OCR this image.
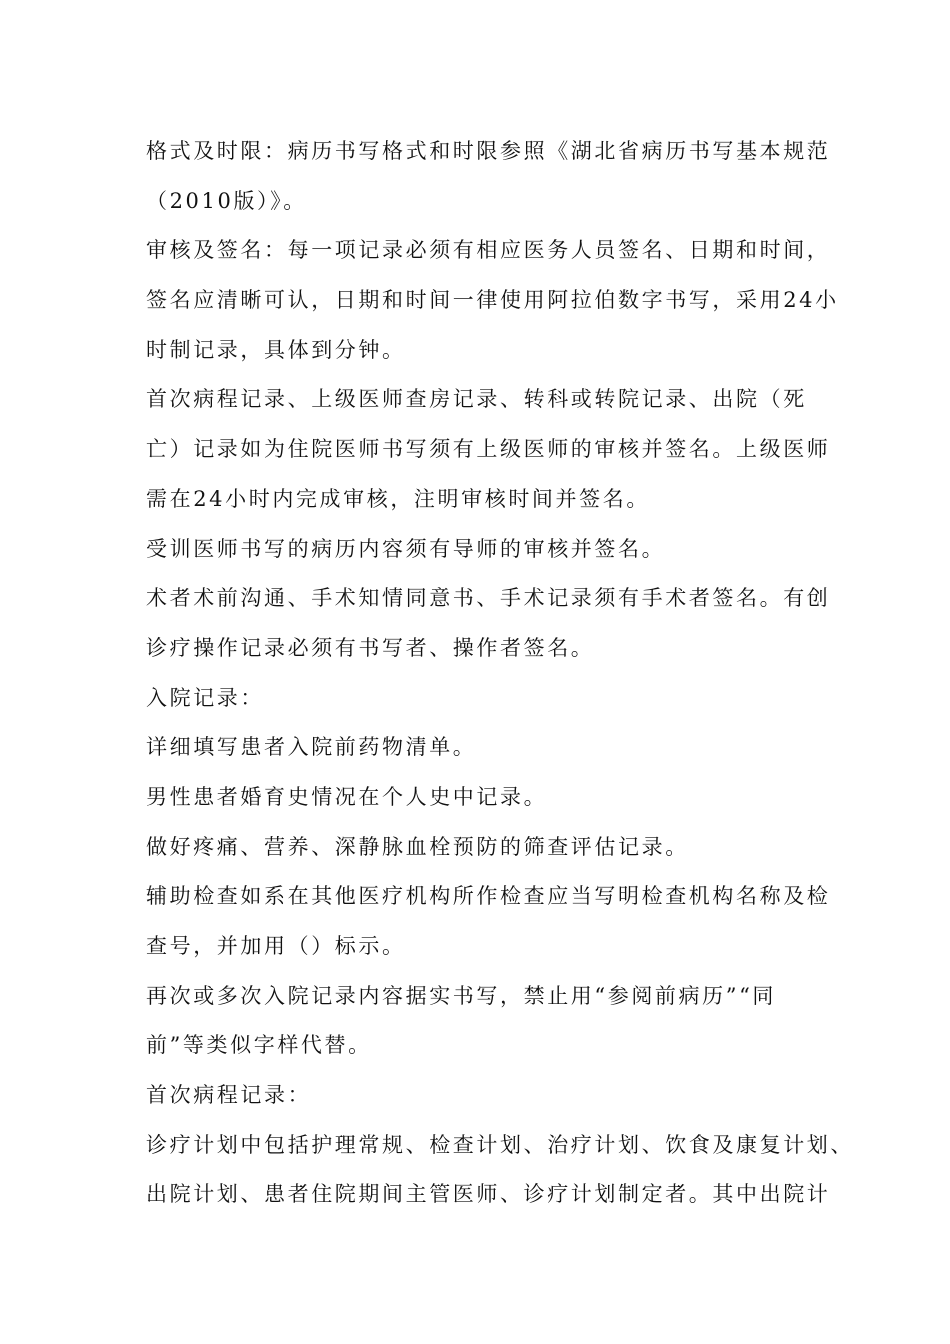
格式及时限：病历书写格式和时限参照《湖北省病历书写基本规范
（2010版）》。
审核及签名：每一项记录必须有相应医务人员签名、日期和时间，
签名应清晰可认，日期和时间一律使用阿拉伯数字书写，采用24小
时制记录，具体到分钟。
首次病程记录、上级医师查房记录、转科或转院记录、出院（死
亡）记录如为住院医师书写须有上级医师的审核并签名。上级医师
需在24小时内完成审核，注明审核时间并签名。
受训医师书写的病历内容须有导师的审核并签名。
术者术前沟通、手术知情同意书、手术记录须有手术者签名。有创
诊疗操作记录必须有书写者、操作者签名。
入院记录：
详细填写患者入院前药物清单。
男性患者婚育史情况在个人史中记录。
做好疼痛、营养、深静脉血栓预防的筛查评估记录。
辅助检查如系在其他医疗机构所作检查应当写明检查机构名称及检
查号，并加用（）标示。
再次或多次入院记录内容据实书写，禁止用“参阅前病历”“同
前”等类似字样代替。
首次病程记录：
诊疗计划中包括护理常规、检查计划、治疗计划、饮食及康复计划、
出院计划、患者住院期间主管医师、诊疗计划制定者。其中出院计
